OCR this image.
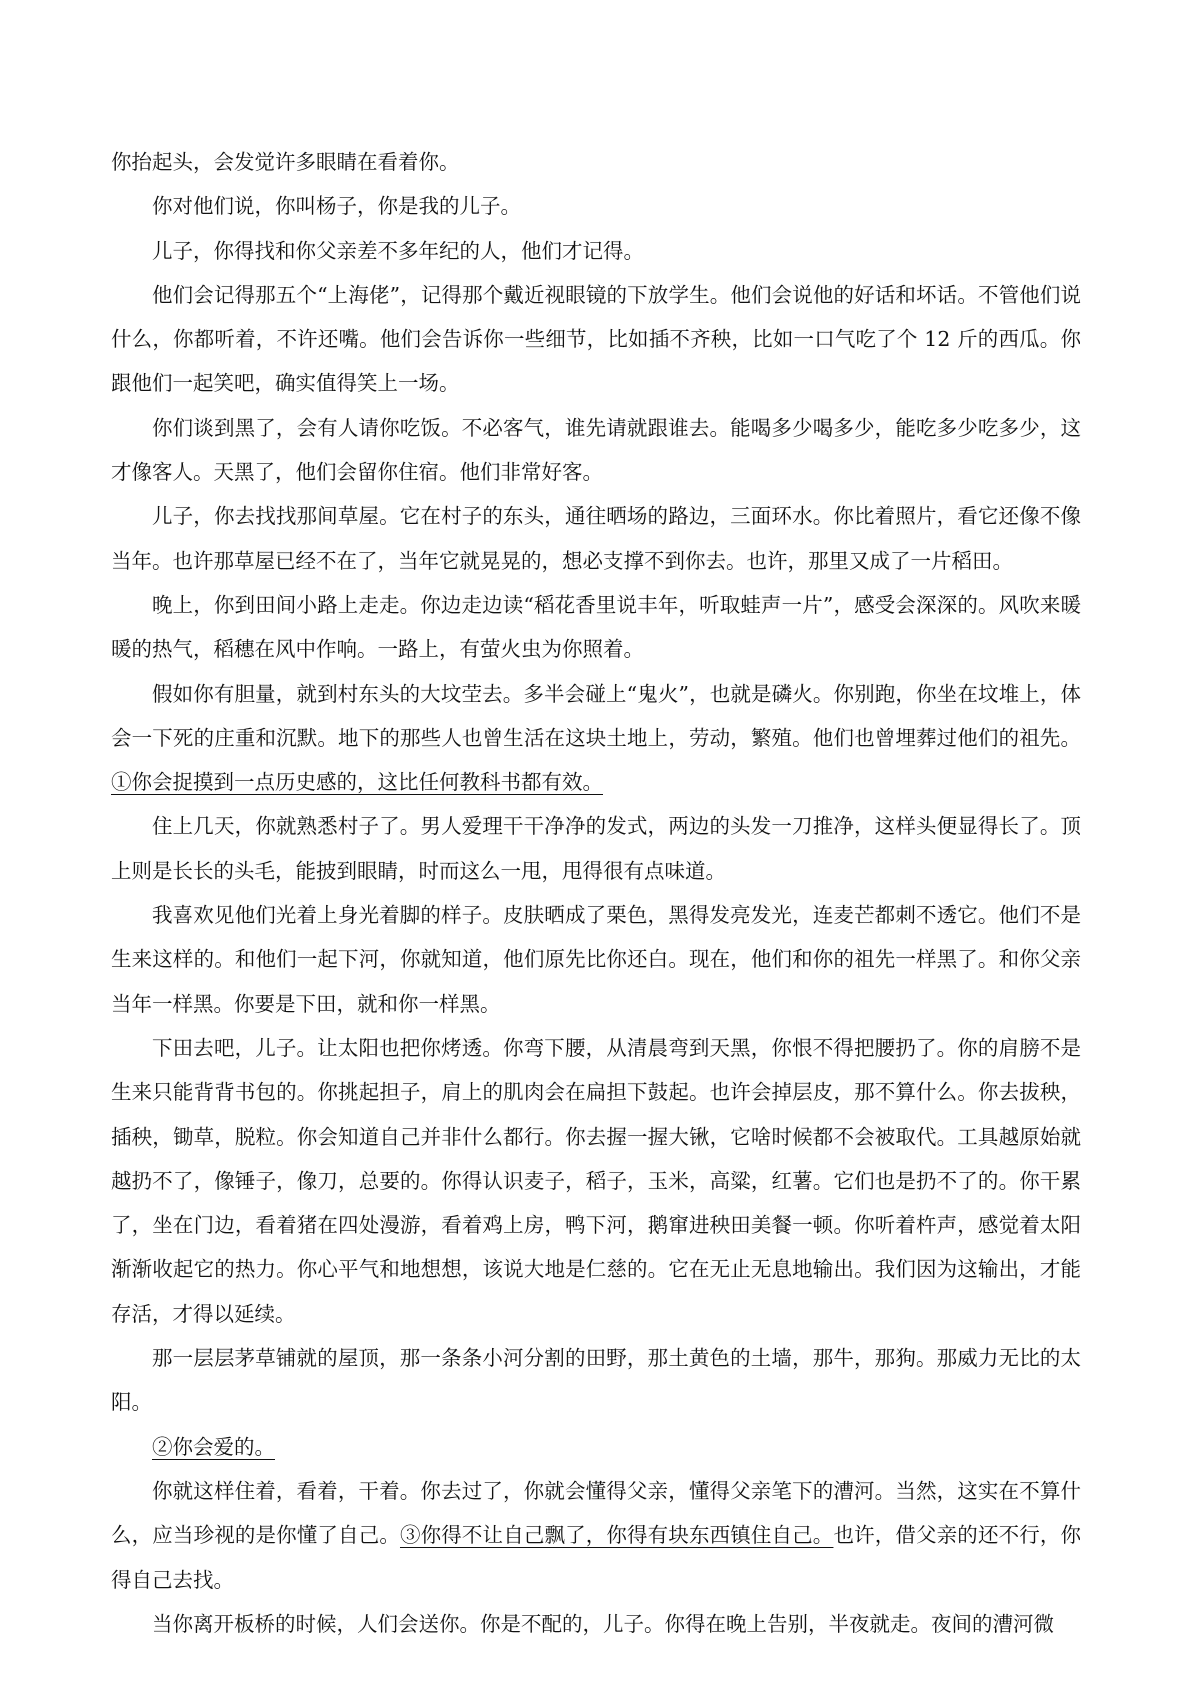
你抬起头，会发觉许多眼睛在看着你。

你对他们说，你叫杨子，你是我的儿子。

儿子，你得找和你父亲差不多年纪的人，他们才记得。

他们会记得那五个“上海佬”，记得那个戴近视眼镜的下放学生。他们会说他的好话和坏话。不管他们说什么，你都听着，不许还嘴。他们会告诉你一些细节，比如插不齐秧，比如一口气吃了个 12 斤的西瓜。你跟他们一起笑吧，确实值得笑上一场。

你们谈到黑了，会有人请你吃饭。不必客气，谁先请就跟谁去。能喝多少喝多少，能吃多少吃多少，这才像客人。天黑了，他们会留你住宿。他们非常好客。

儿子，你去找找那间草屋。它在村子的东头，通往晒场的路边，三面环水。你比着照片，看它还像不像当年。也许那草屋已经不在了，当年它就晃晃的，想必支撑不到你去。也许，那里又成了一片稻田。

晚上，你到田间小路上走走。你边走边读“稻花香里说丰年，听取蛙声一片”，感受会深深的。风吹来暖暖的热气，稻穗在风中作响。一路上，有萤火虫为你照着。

假如你有胆量，就到村东头的大坟茔去。多半会碰上“鬼火”，也就是磷火。你别跑，你坐在坟堆上，体会一下死的庄重和沉默。地下的那些人也曾生活在这块土地上，劳动，繁殖。他们也曾埋葬过他们的祖先。①你会捉摸到一点历史感的，这比任何教科书都有效。

住上几天，你就熟悉村子了。男人爱理干干净净的发式，两边的头发一刀推净，这样头便显得长了。顶上则是长长的头毛，能披到眼睛，时而这么一甩，甩得很有点味道。

我喜欢见他们光着上身光着脚的样子。皮肤晒成了栗色，黑得发亮发光，连麦芒都刺不透它。他们不是生来这样的。和他们一起下河，你就知道，他们原先比你还白。现在，他们和你的祖先一样黑了。和你父亲当年一样黑。你要是下田，就和你一样黑。

下田去吧，儿子。让太阳也把你烤透。你弯下腰，从清晨弯到天黑，你恨不得把腰扔了。你的肩膀不是生来只能背背书包的。你挑起担子，肩上的肌肉会在扁担下鼓起。也许会掉层皮，那不算什么。你去拔秧，插秧，锄草，脱粒。你会知道自己并非什么都行。你去握一握大锹，它啥时候都不会被取代。工具越原始就越扔不了，像锤子，像刀，总要的。你得认识麦子，稻子，玉米，高粱，红薯。它们也是扔不了的。你干累了，坐在门边，看着猪在四处漫游，看着鸡上房，鸭下河，鹅窜进秧田美餐一顿。你听着杵声，感觉着太阳渐渐收起它的热力。你心平气和地想想，该说大地是仁慈的。它在无止无息地输出。我们因为这输出，才能存活，才得以延续。

那一层层茅草铺就的屋顶，那一条条小河分割的田野，那土黄色的土墙，那牛，那狗。那威力无比的太阳。

②你会爱的。

你就这样住着，看着，干着。你去过了，你就会懂得父亲，懂得父亲笔下的漕河。当然，这实在不算什么，应当珍视的是你懂了自己。③你得不让自己飘了，你得有块东西镇住自己。也许，借父亲的还不行，你得自己去找。

当你离开板桥的时候，人们会送你。你是不配的，儿子。你得在晚上告别，半夜就走。夜间的漕河微
